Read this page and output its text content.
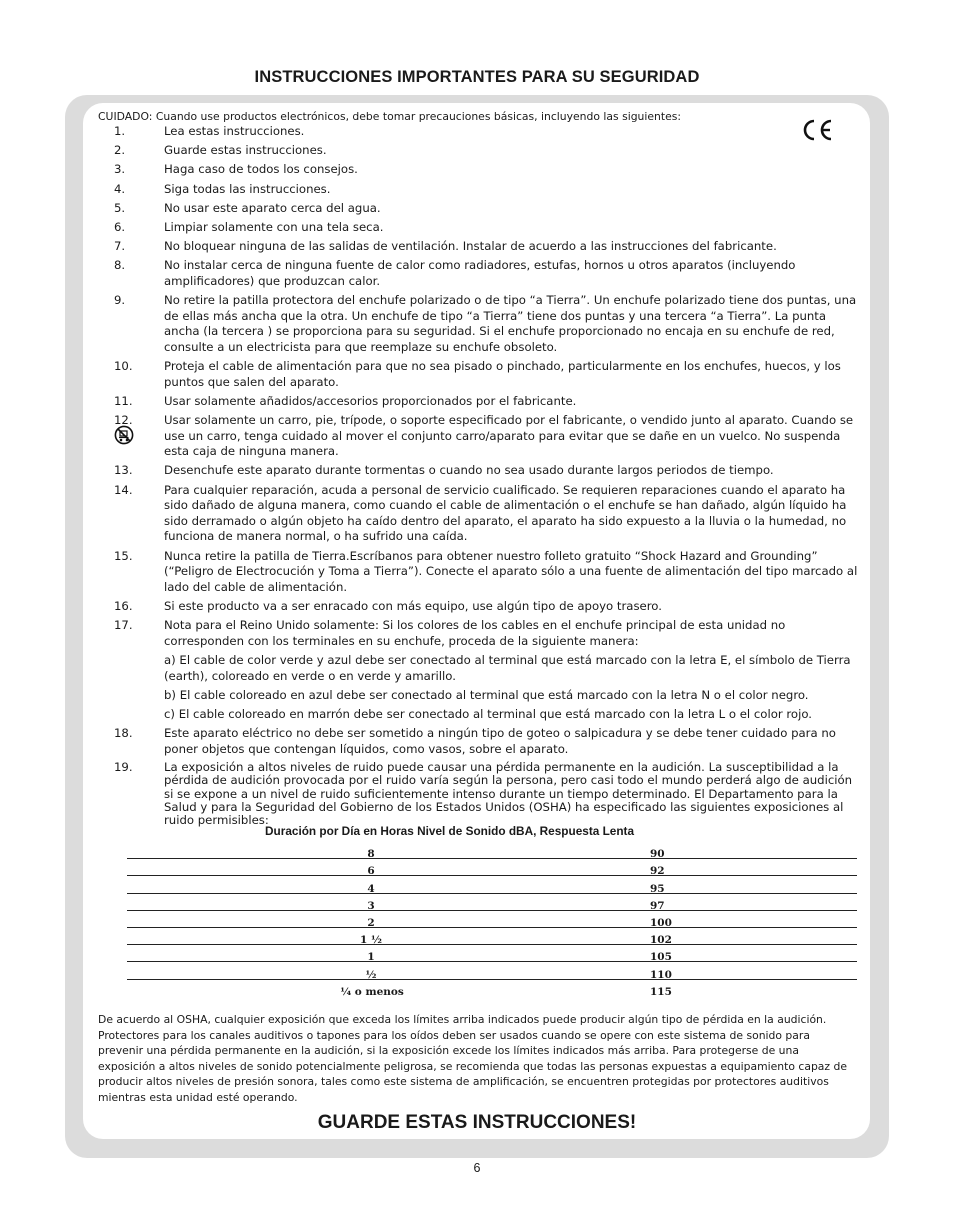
INSTRUCCIONES IMPORTANTES PARA SU SEGURIDAD
CUIDADO: Cuando use productos electrónicos, debe tomar precauciones básicas, incluyendo las siguientes:
1.	Lea estas instrucciones.
2.	Guarde estas instrucciones.
3.	Haga caso de todos los consejos.
4.	Siga todas las instrucciones.
5.	No usar este aparato cerca del agua.
6.	Limpiar solamente con una tela seca.
7.	No bloquear ninguna de las salidas de ventilación. Instalar de acuerdo a las instrucciones del fabricante.
8.	No instalar cerca de ninguna fuente de calor como radiadores, estufas, hornos u otros aparatos (incluyendo amplificadores) que produzcan calor.
9.	No retire la patilla protectora del enchufe polarizado o de tipo “a Tierra”. Un enchufe polarizado tiene dos puntas, una de ellas más ancha que la otra. Un enchufe de tipo “a Tierra” tiene dos puntas y una tercera “a Tierra”. La punta ancha (la tercera ) se proporciona para su seguridad. Si el enchufe proporcionado no encaja en su enchufe de red, consulte a un electricista para que reemplaze su enchufe obsoleto.
10.	Proteja el cable de alimentación para que no sea pisado o pinchado, particularmente en los enchufes, huecos, y los puntos que salen del aparato.
11.	Usar solamente añadidos/accesorios proporcionados por el fabricante.
12.	Usar solamente un carro, pie, trípode, o soporte especificado por el fabricante, o vendido junto al aparato. Cuando se use un carro, tenga cuidado al mover el conjunto carro/aparato para evitar que se dañe en un vuelco. No suspenda esta caja de ninguna manera.
13.	Desenchufe este aparato durante tormentas o cuando no sea usado durante largos periodos de tiempo.
14.	Para cualquier reparación, acuda a personal de servicio cualificado. Se requieren reparaciones cuando el aparato ha sido dañado de alguna manera, como cuando el cable de alimentación o el enchufe se han dañado, algún líquido ha sido derramado o algún objeto ha caído dentro del aparato, el aparato ha sido expuesto a la lluvia o la humedad, no funciona de manera normal, o ha sufrido una caída.
15.	Nunca retire la patilla de Tierra.Escríbanos para obtener nuestro folleto gratuito “Shock Hazard and Grounding” (“Peligro de Electrocución y Toma a Tierra”). Conecte el aparato sólo a una fuente de alimentación del tipo marcado al lado del cable de alimentación.
16.	Si este producto va a ser enracado con más equipo, use algún tipo de apoyo trasero.
17.	Nota para el Reino Unido solamente: Si los colores de los cables en el enchufe principal de esta unidad no corresponden con los terminales en su enchufe, proceda de la siguiente manera:
a) El cable de color verde y azul debe ser conectado al terminal que está marcado con la letra E, el símbolo de Tierra (earth), coloreado en verde o en verde y amarillo.
b) El cable coloreado en azul debe ser conectado al terminal que está marcado con la letra N o el color negro.
c) El cable coloreado en marrón debe ser conectado al terminal que está marcado con la letra L o el color rojo.
18.	Este aparato eléctrico no debe ser sometido a ningún tipo de goteo o salpicadura y se debe tener cuidado para no poner objetos que contengan líquidos, como vasos, sobre el aparato.
19.	La exposición a altos niveles de ruido puede causar una pérdida permanente en la audición. La susceptibilidad a la pérdida de audición provocada por el ruido varía según la persona, pero casi todo el mundo perderá algo de audición si se expone a un nivel de ruido suficientemente intenso durante un tiempo determinado. El Departamento para la Salud y para la Seguridad del Gobierno de los Estados Unidos (OSHA) ha especificado las siguientes exposiciones al ruido permisibles:
Duración por Día en Horas Nivel de Sonido dBA, Respuesta Lenta
8	90
6	92
4	95
3	97
2	100
1 ½	102
1	105
½	110
¼ o menos	115
De acuerdo al OSHA, cualquier exposición que exceda los límites arriba indicados puede producir algún tipo de pérdida en la audición. Protectores para los canales auditivos o tapones para los oídos deben ser usados cuando se opere con este sistema de sonido para prevenir una pérdida permanente en la audición, si la exposición excede los límites indicados más arriba. Para protegerse de una exposición a altos niveles de sonido potencialmente peligrosa, se recomienda que todas las personas expuestas a equipamiento capaz de producir altos niveles de presión sonora, tales como este sistema de amplificación, se encuentren protegidas por protectores auditivos mientras esta unidad esté operando.
GUARDE ESTAS INSTRUCCIONES!
6
